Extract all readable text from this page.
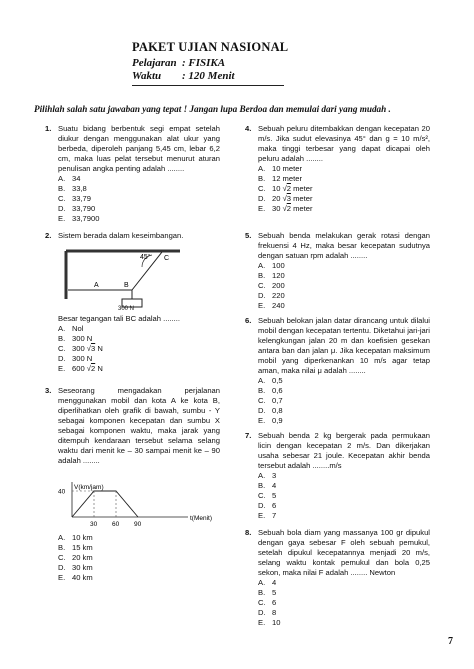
PAKET UJIAN NASIONAL
Pelajaran : FISIKA
Waktu : 120 Menit
Pilihlah salah satu jawaban yang tepat ! Jangan lupa Berdoa dan memulai dari yang mudah .
1. Suatu bidang berbentuk segi empat setelah diukur dengan menggunakan alat ukur yang berbeda, diperoleh panjang 5,45 cm, lebar 6,2 cm, maka luas pelat tersebut menurut aturan penulisan angka penting adalah ........
A. 34
B. 33,8
C. 33,79
D. 33,790
E. 33,7900
2. Sistem berada dalam keseimbangan.
45° C
A	B
300 N
Besar tegangan tali BC adalah ........
A. Nol
B. 300 N
C. 300 √3 N
D. 300 N
E. 600 √2 N
3. Seseorang mengadakan perjalanan menggunakan mobil dan kota A ke kota B, diperlihatkan oleh grafik di bawah, sumbu - Y sebagai komponen kecepatan dan sumbu X sebagai komponen waktu, maka jarak yang ditempuh kendaraan tersebut selama selang waktu dari menit ke – 30 sampai menit ke – 90 adalah ........
V(km/jam)
t(Menit)
40
30 60 90
A. 10 km
B. 15 km
C. 20 km
D. 30 km
E. 40 km
4. Sebuah peluru ditembakkan dengan kecepatan 20 m/s. Jika sudut elevasinya 45° dan g = 10 m/s², maka tinggi terbesar yang dapat dicapai oleh peluru adalah ........
A. 10 meter
B. 12 meter
C. 10 √2 meter
D. 20 √3 meter
E. 30 √2 meter
5. Sebuah benda melakukan gerak rotasi dengan frekuensi 4 Hz, maka besar kecepatan sudutnya dengan satuan rpm adalah ........
A. 100
B. 120
C. 200
D. 220
E. 240
6. Sebuah belokan jalan datar dirancang untuk dilalui mobil dengan kecepatan tertentu. Diketahui jari-jari kelengkungan jalan 20 m dan koefisien gesekan antara ban dan jalan μ. Jika kecepatan maksimum mobil yang diperkenankan 10 m/s agar tetap aman, maka nilai μ adalah ........
A. 0,5
B. 0,6
C. 0,7
D. 0,8
E. 0,9
7. Sebuah benda 2 kg bergerak pada permukaan licin dengan kecepatan 2 m/s. Dan dikerjakan usaha sebesar 21 joule. Kecepatan akhir benda tersebut adalah ........m/s
A. 3
B. 4
C. 5
D. 6
E. 7
8. Sebuah bola diam yang massanya 100 gr dipukul dengan gaya sebesar F oleh sebuah pemukul, setelah dipukul kecepatannya menjadi 20 m/s, selang waktu kontak pemukul dan bola 0,25 sekon, maka nilai F adalah ........ Newton
A. 4
B. 5
C. 6
D. 8
E. 10
7
